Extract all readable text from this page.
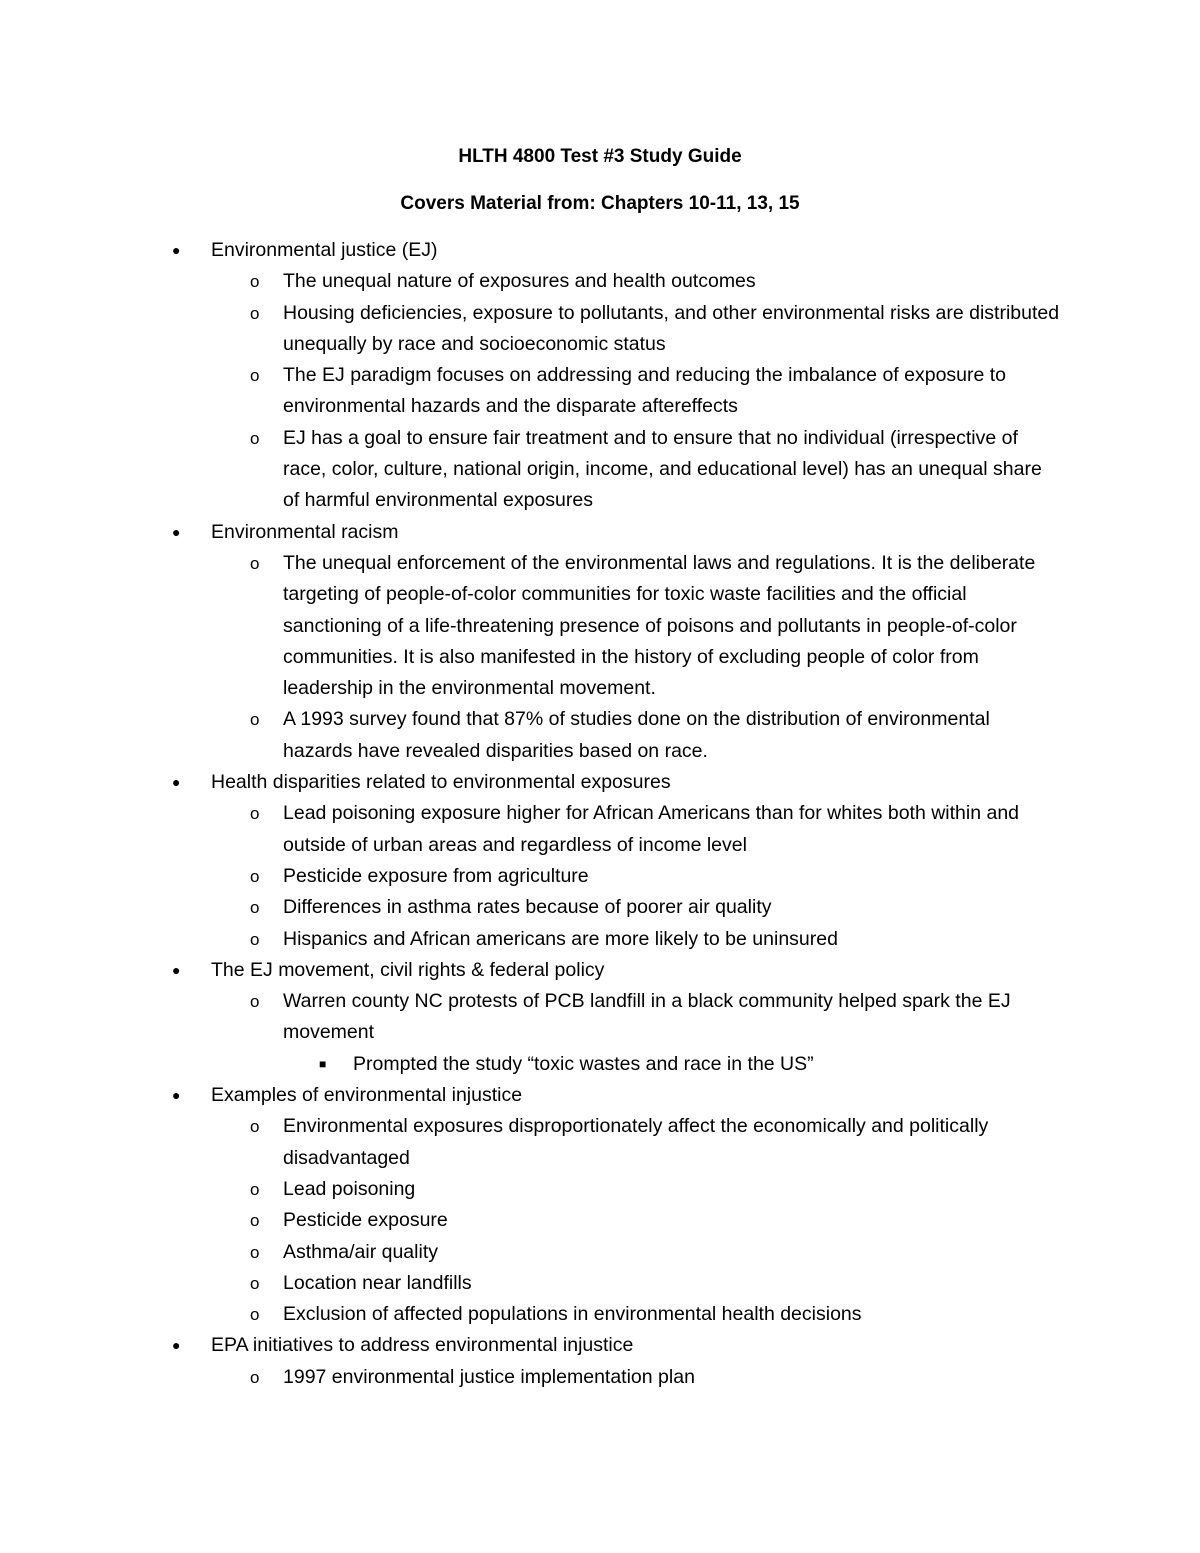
HLTH 4800 Test #3 Study Guide
Covers Material from: Chapters 10-11, 13, 15
● Environmental justice (EJ)
o The unequal nature of exposures and health outcomes
o Housing deficiencies, exposure to pollutants, and other environmental risks are distributed unequally by race and socioeconomic status
o The EJ paradigm focuses on addressing and reducing the imbalance of exposure to environmental hazards and the disparate aftereffects
o EJ has a goal to ensure fair treatment and to ensure that no individual (irrespective of race, color, culture, national origin, income, and educational level) has an unequal share of harmful environmental exposures
● Environmental racism
o The unequal enforcement of the environmental laws and regulations. It is the deliberate targeting of people-of-color communities for toxic waste facilities and the official sanctioning of a life-threatening presence of poisons and pollutants in people-of-color communities. It is also manifested in the history of excluding people of color from leadership in the environmental movement.
o A 1993 survey found that 87% of studies done on the distribution of environmental hazards have revealed disparities based on race.
● Health disparities related to environmental exposures
o Lead poisoning exposure higher for African Americans than for whites both within and outside of urban areas and regardless of income level
o Pesticide exposure from agriculture
o Differences in asthma rates because of poorer air quality
o Hispanics and African americans are more likely to be uninsured
● The EJ movement, civil rights & federal policy
o Warren county NC protests of PCB landfill in a black community helped spark the EJ movement
■ Prompted the study “toxic wastes and race in the US”
● Examples of environmental injustice
o Environmental exposures disproportionately affect the economically and politically disadvantaged
o Lead poisoning
o Pesticide exposure
o Asthma/air quality
o Location near landfills
o Exclusion of affected populations in environmental health decisions
● EPA initiatives to address environmental injustice
o 1997 environmental justice implementation plan
